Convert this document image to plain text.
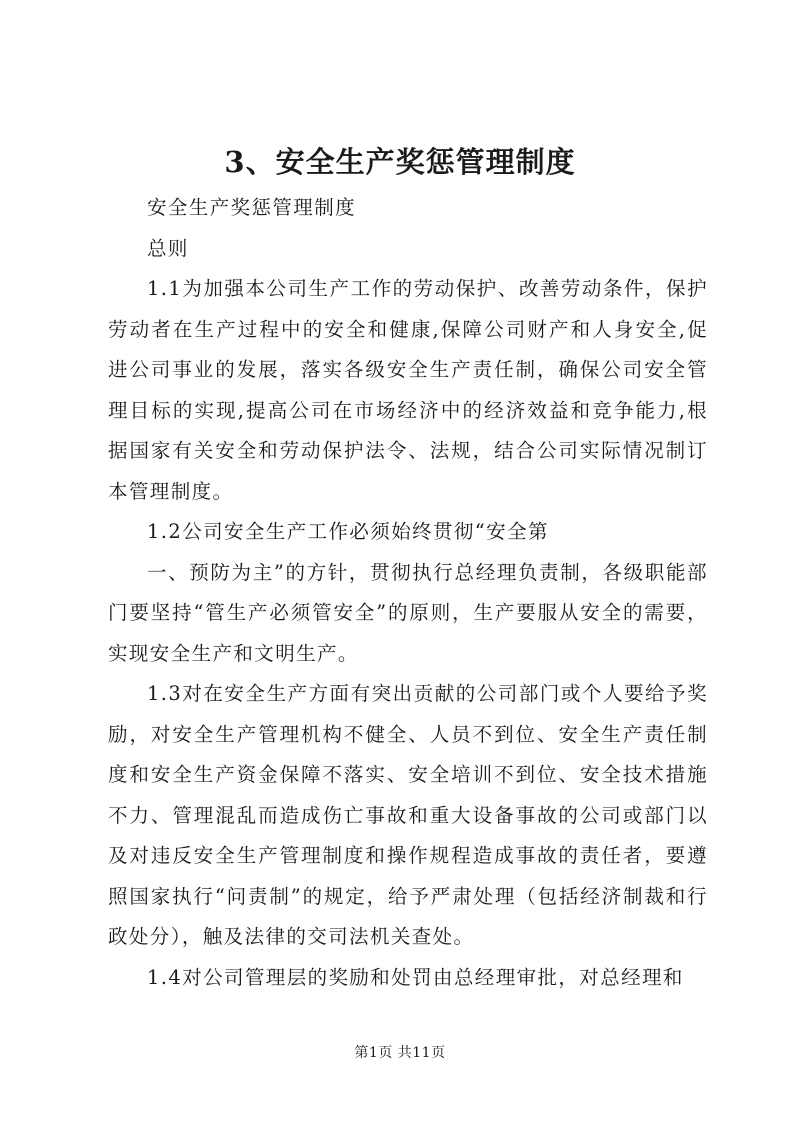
3、安全生产奖惩管理制度

安全生产奖惩管理制度

总则

1.1为加强本公司生产工作的劳动保护、改善劳动条件，保护劳动者在生产过程中的安全和健康,保障公司财产和人身安全,促进公司事业的发展，落实各级安全生产责任制，确保公司安全管理目标的实现,提高公司在市场经济中的经济效益和竞争能力,根据国家有关安全和劳动保护法令、法规，结合公司实际情况制订本管理制度。

1.2公司安全生产工作必须始终贯彻“安全第

一、预防为主”的方针，贯彻执行总经理负责制，各级职能部门要坚持“管生产必须管安全”的原则，生产要服从安全的需要，实现安全生产和文明生产。

1.3对在安全生产方面有突出贡献的公司部门或个人要给予奖励，对安全生产管理机构不健全、人员不到位、安全生产责任制度和安全生产资金保障不落实、安全培训不到位、安全技术措施不力、管理混乱而造成伤亡事故和重大设备事故的公司或部门以及对违反安全生产管理制度和操作规程造成事故的责任者，要遵照国家执行“问责制”的规定，给予严肃处理（包括经济制裁和行政处分），触及法律的交司法机关查处。

1.4对公司管理层的奖励和处罚由总经理审批，对总经理和

第1页 共11页
